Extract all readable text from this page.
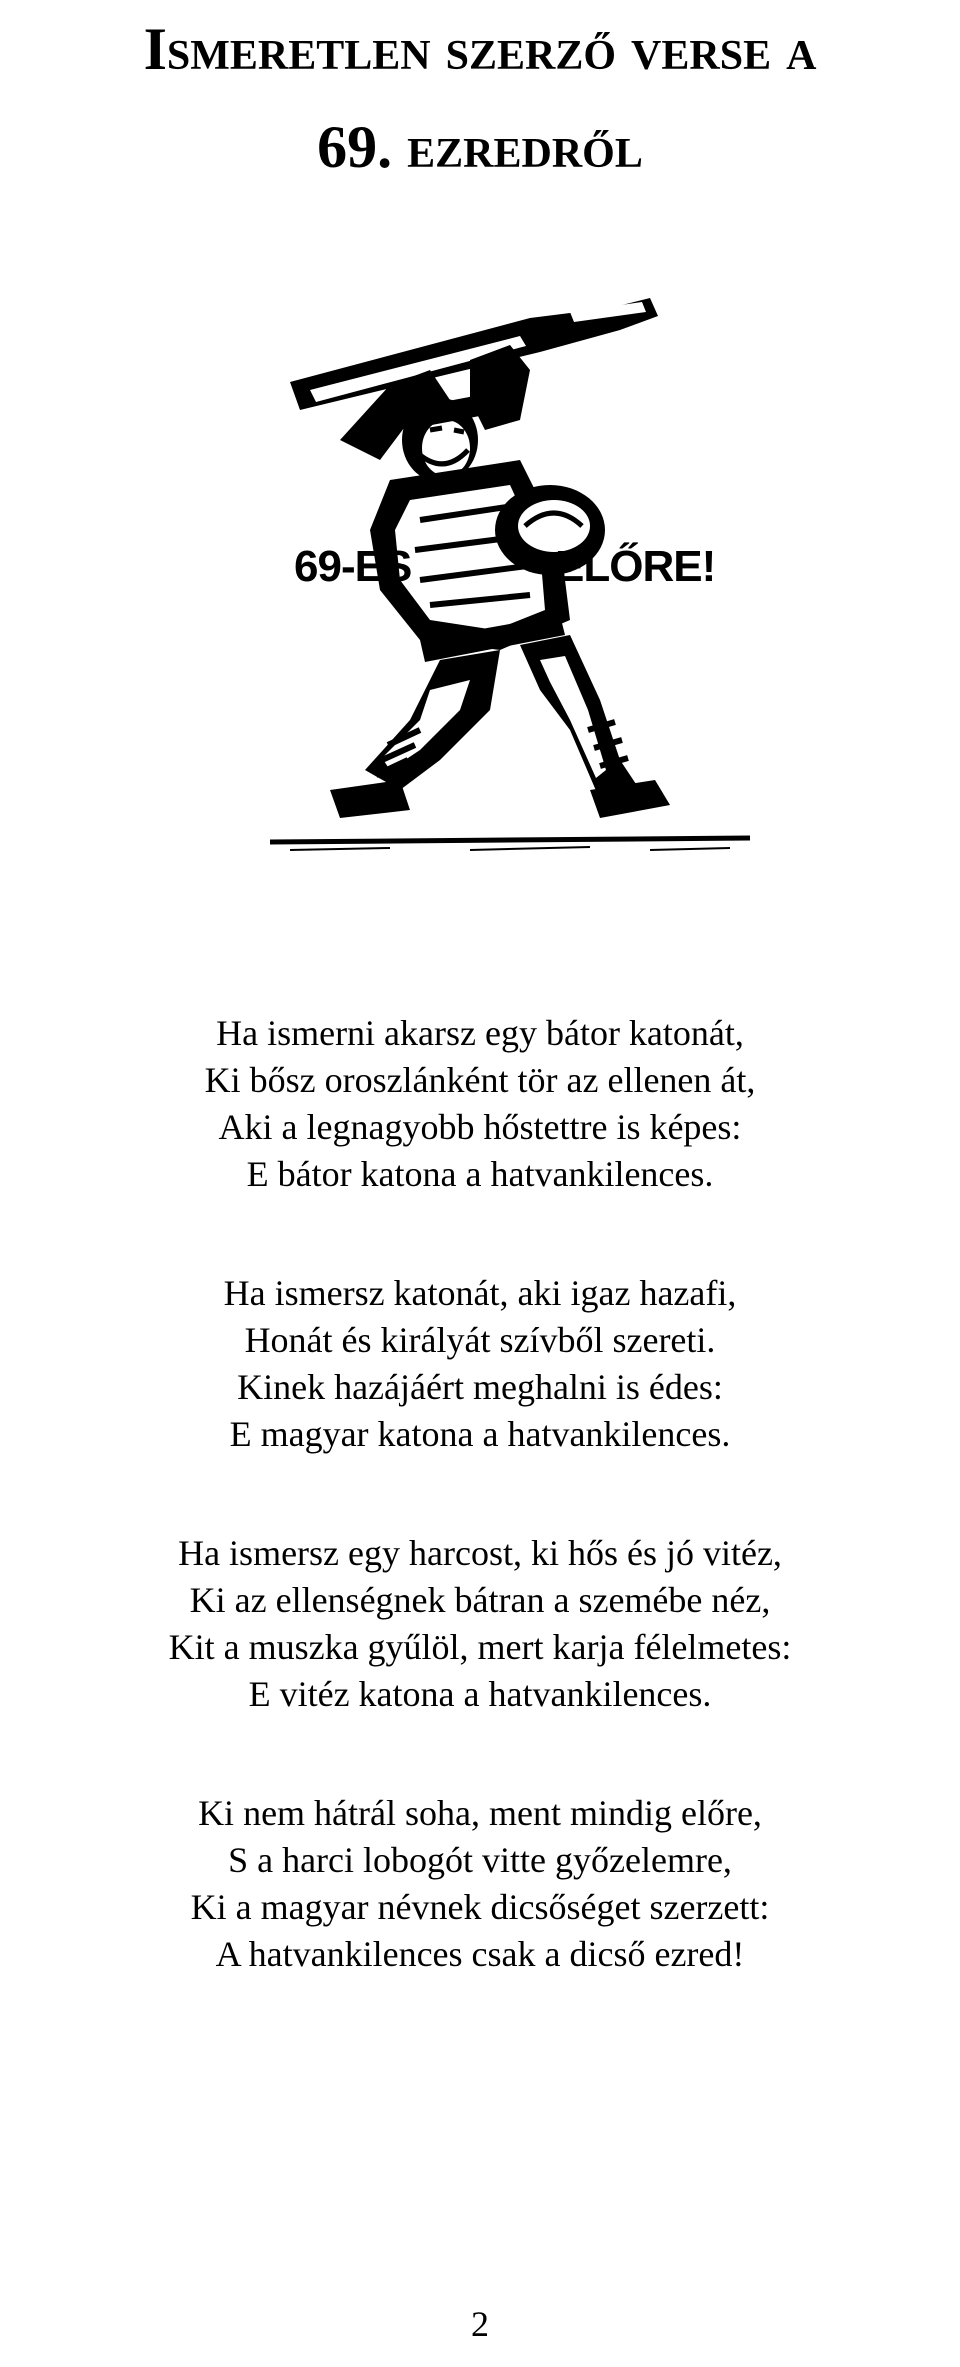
Ismeretlen szerző verse a
69. ezredről
69-ES	ELŐRE!
Ha ismerni akarsz egy bátor katonát,
Ki bősz oroszlánként tör az ellenen át,
Aki a legnagyobb hőstettre is képes:
E bátor katona a hatvankilences.
Ha ismersz katonát, aki igaz hazafi,
Honát és királyát szívből szereti.
Kinek hazájáért meghalni is édes:
E magyar katona a hatvankilences.
Ha ismersz egy harcost, ki hős és jó vitéz,
Ki az ellenségnek bátran a szemébe néz,
Kit a muszka gyűlöl, mert karja félelmetes:
E vitéz katona a hatvankilences.
Ki nem hátrál soha, ment mindig előre,
S a harci lobogót vitte győzelemre,
Ki a magyar névnek dicsőséget szerzett:
A hatvankilences csak a dicső ezred!
2
